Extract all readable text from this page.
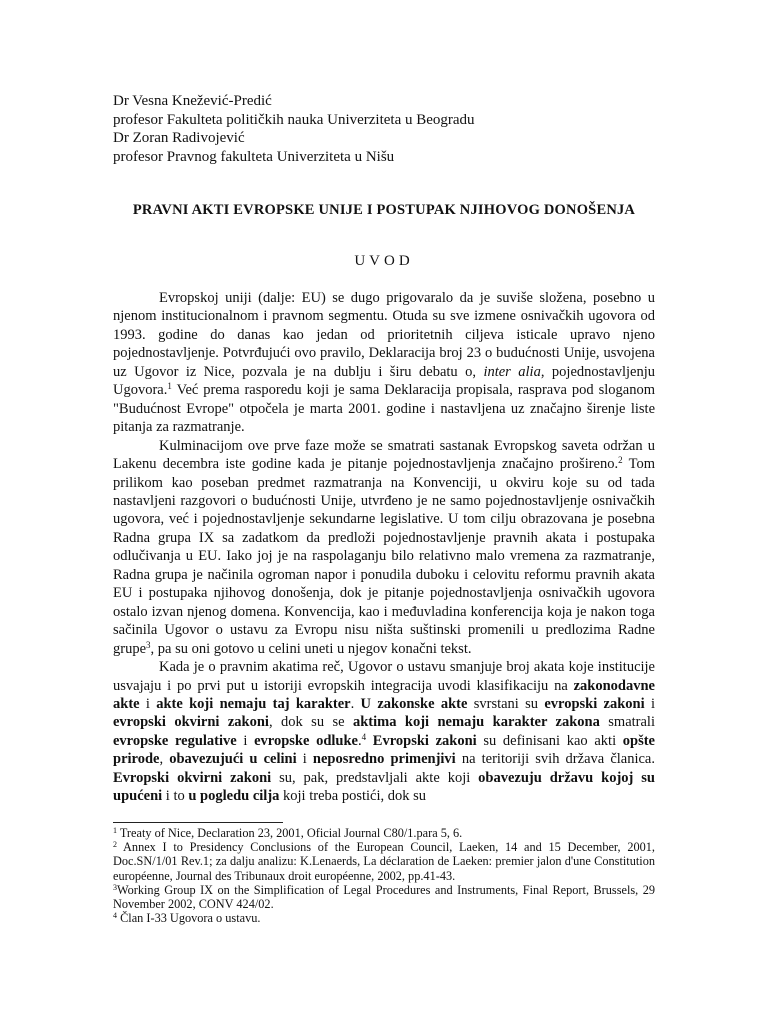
Dr Vesna Knežević-Predić
profesor Fakulteta političkih nauka Univerziteta u Beogradu
Dr Zoran Radivojević
profesor Pravnog fakulteta Univerziteta u Nišu
PRAVNI AKTI EVROPSKE UNIJE I POSTUPAK NJIHOVOG DONOŠENJA
UVOD

Evropskoj uniji (dalje: EU) se dugo prigovaralo da je suviše složena, posebno u njenom institucionalnom i pravnom segmentu. Otuda su sve izmene osnivačkih ugovora od 1993. godine do danas kao jedan od prioritetnih ciljeva isticale upravo njeno pojednostavljenje. Potvrđujući ovo pravilo, Deklaracija broj 23 o budućnosti Unije, usvojena uz Ugovor iz Nice, pozvala je na dublju i širu debatu o, inter alia, pojednostavljenju Ugovora.$^1$ Već prema rasporedu koji je sama Deklaracija propisala, rasprava pod sloganom "Budućnost Evrope" otpočela je marta 2001. godine i nastavljena uz značajno širenje liste pitanja za razmatranje.

Kulminacijom ove prve faze može se smatrati sastanak Evropskog saveta održan u Lakenu decembra iste godine kada je pitanje pojednostavljenja značajno prošireno.$^2$ Tom prilikom kao poseban predmet razmatranja na Konvenciji, u okviru koje su od tada nastavljeni razgovori o budućnosti Unije, utvrđeno je ne samo pojednostavljenje osnivačkih ugovora, već i pojednostavljenje sekundarne legislative. U tom cilju obrazovana je posebna Radna grupa IX sa zadatkom da predloži pojednostavljenje pravnih akata i postupaka odlučivanja u EU. Iako joj je na raspolaganju bilo relativno malo vremena za razmatranje, Radna grupa je načinila ogroman napor i ponudila duboku i celovitu reformu pravnih akata EU i postupaka njihovog donošenja, dok je pitanje pojednostavljenja osnivačkih ugovora ostalo izvan njenog domena. Konvencija, kao i međuvladina konferencija koja je nakon toga sačinila Ugovor o ustavu za Evropu nisu ništa suštinski promenili u predlozima Radne grupe$^3$, pa su oni gotovo u celini uneti u njegov konačni tekst.

Kada je o pravnim akatima reč, Ugovor o ustavu smanjuje broj akata koje institucije usvajaju i po prvi put u istoriji evropskih integracija uvodi klasifikaciju na zakonodavne akte i akte koji nemaju taj karakter. U zakonske akte svrstani su evropski zakoni i evropski okvirni zakoni, dok su se aktima koji nemaju karakter zakona smatrali evropske regulative i evropske odluke.$^4$ Evropski zakoni su definisani kao akti opšte prirode, obavezujući u celini i neposredno primenjivi na teritoriji svih država članica. Evropski okvirni zakoni su, pak, predstavljali akte koji obavezuju državu kojoj su upućeni i to u pogledu cilja koji treba postići, dok su

$^1$ Treaty of Nice, Declaration 23, 2001, Oficial Journal C80/1.para 5, 6.

$^2$ Annex I to Presidency Conclusions of the European Council, Laeken, 14 and 15 December, 2001, Doc.SN/1/01 Rev.1; za dalju analizu: K.Lenaerds, La déclaration de Laeken: premier jalon d'une Constitution européenne, Journal des Tribunaux droit européenne, 2002, pp.41-43.

$^3$Working Group IX on the Simplification of Legal Procedures and Instruments, Final Report, Brussels, 29 November 2002, CONV 424/02.

$^4$ Član I-33 Ugovora o ustavu.
